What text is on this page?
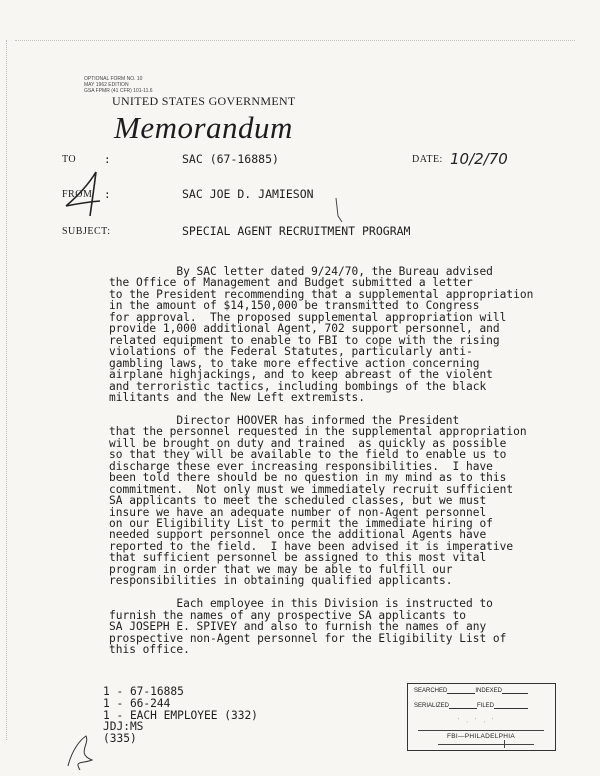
OPTIONAL FORM NO. 10
MAY 1962 EDITION
GSA FPMR (41 CFR) 101-11.6
UNITED STATES GOVERNMENT
Memorandum
TO	:	SAC (67-16885)	DATE: 10/2/70
FROM :	SAC JOE D. JAMIESON
SUBJECT:	SPECIAL AGENT RECRUITMENT PROGRAM

By SAC letter dated 9/24/70, the Bureau advised
the Office of Management and Budget submitted a letter
to the President recommending that a supplemental appropriation
in the amount of $14,150,000 be transmitted to Congress
for approval.  The proposed supplemental appropriation will
provide 1,000 additional Agent, 702 support personnel, and
related equipment to enable to FBI to cope with the rising
violations of the Federal Statutes, particularly anti-
gambling laws, to take more effective action concerning
airplane highjackings, and to keep abreast of the violent
and terroristic tactics, including bombings of the black
militants and the New Left extremists.

Director HOOVER has informed the President
that the personnel requested in the supplemental appropriation
will be brought on duty and trained  as quickly as possible
so that they will be available to the field to enable us to
discharge these ever increasing responsibilities.  I have
been told there should be no question in my mind as to this
commitment.  Not only must we immediately recruit sufficient
SA applicants to meet the scheduled classes, but we must
insure we have an adequate number of non-Agent personnel
on our Eligibility List to permit the immediate hiring of
needed support personnel once the additional Agents have
reported to the field.  I have been advised it is imperative
that sufficient personnel be assigned to this most vital
program in order that we may be able to fulfill our
responsibilities in obtaining qualified applicants.

Each employee in this Division is instructed to
furnish the names of any prospective SA applicants to
SA JOSEPH E. SPIVEY and also to furnish the names of any
prospective non-Agent personnel for the Eligibility List of
this office.

1 - 67-16885
1 - 66-244
1 - EACH EMPLOYEE (332)
JDJ:MS
(335)
SEARCHED	INDEXED
SERIALIZED	FILED
' , ' , '
FBI—PHILADELPHIA
